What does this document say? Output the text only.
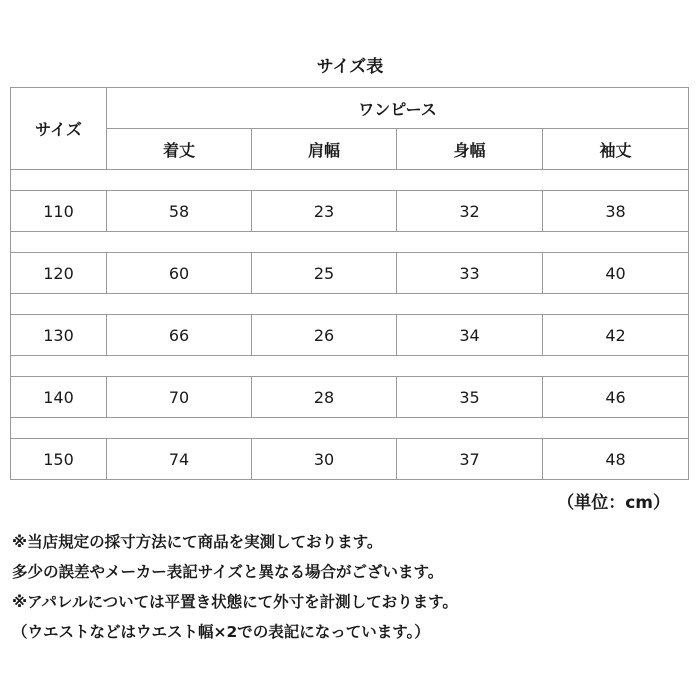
サイズ表
サイズ	ワンピース			
	着丈	肩幅	身幅	袖丈

110	58	23	32	38

120	60	25	33	40

130	66	26	34	42

140	70	28	35	46

150	74	30	37	48
（単位：cm）
※当店規定の採寸方法にて商品を実測しております。
多少の誤差やメーカー表記サイズと異なる場合がございます。
※アパレルについては平置き状態にて外寸を計測しております。
（ウエストなどはウエスト幅×2での表記になっています。）
